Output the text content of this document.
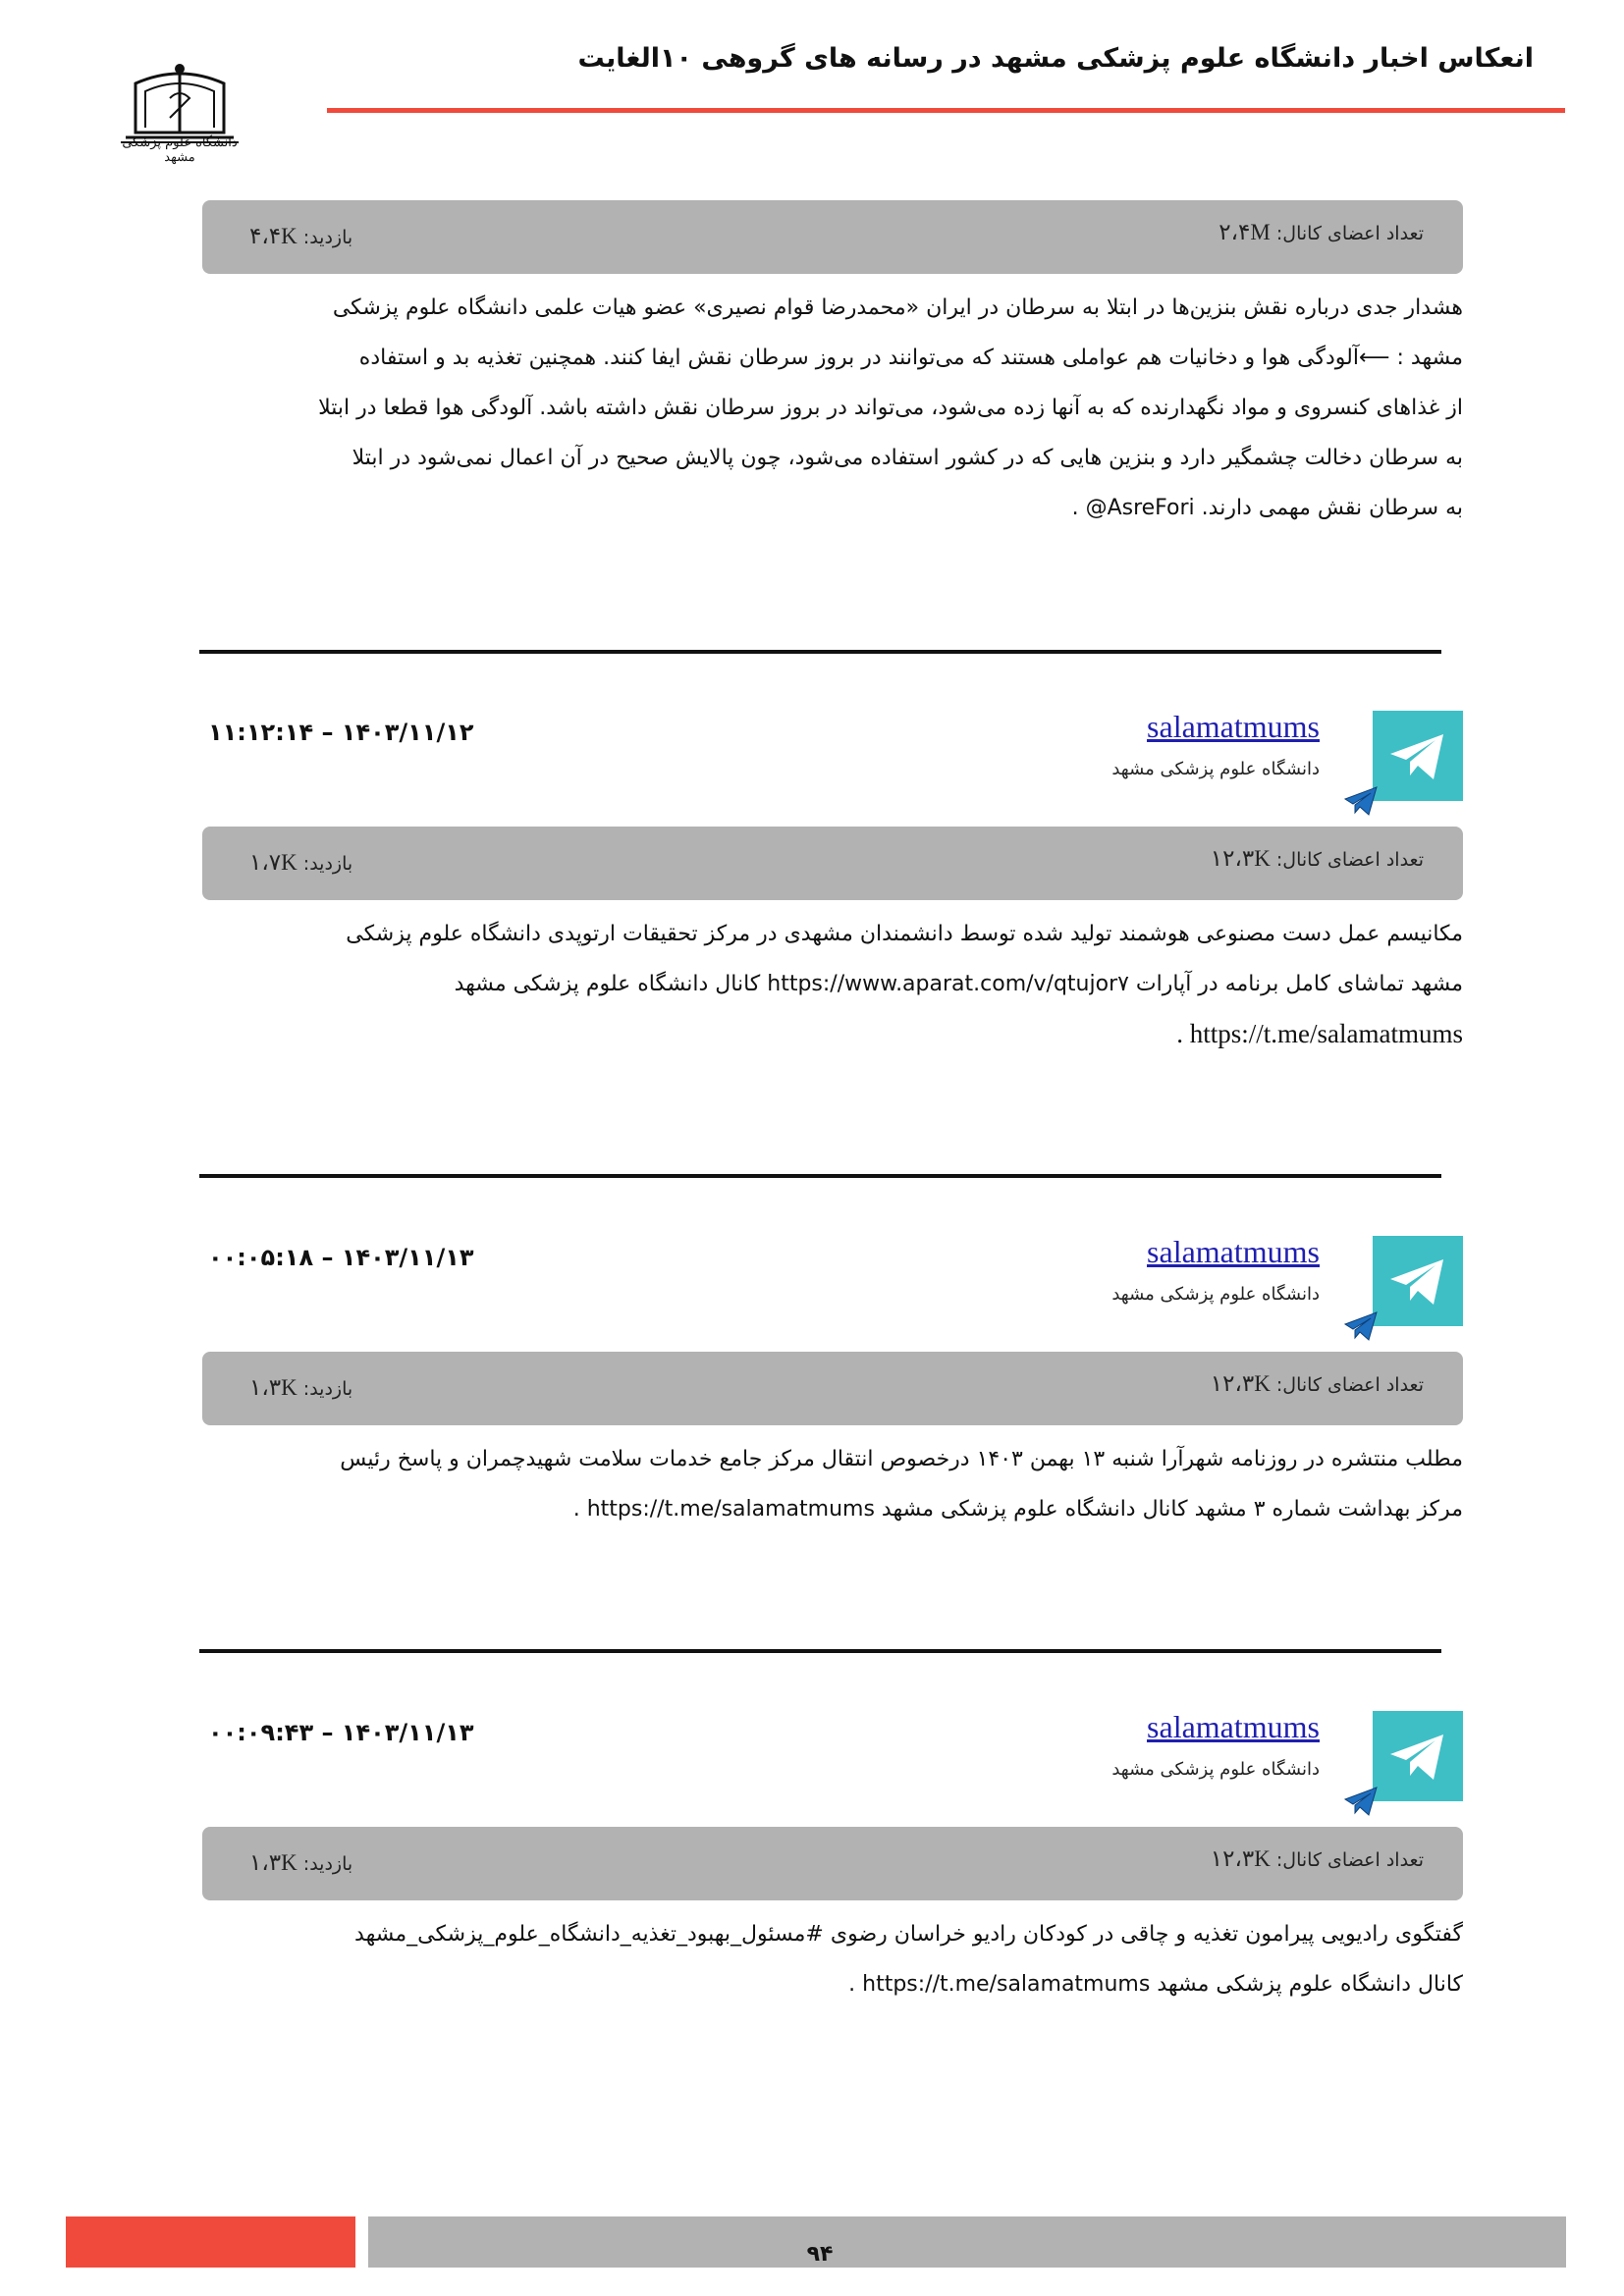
انعکاس اخبار دانشگاه علوم پزشکی مشهد در رسانه های گروهی ۱۰الغایت
دانشگاه علوم پزشکی مشهد
تعداد اعضای کانال: ۲،۴M
بازدید: ۴،۴K
هشدار جدی درباره نقش بنزین‌ها در ابتلا به سرطان در ایران «محمدرضا قوام نصیری» عضو هیات علمی دانشگاه علوم پزشکی
مشهد : ⟵آلودگی هوا و دخانیات هم عواملی هستند که می‌توانند در بروز سرطان نقش ایفا کنند. همچنین تغذیه بد و استفاده
از غذاهای کنسروی و مواد نگهدارنده که به آنها زده می‌شود، می‌تواند در بروز سرطان نقش داشته باشد. آلودگی هوا قطعا در ابتلا
به سرطان دخالت چشمگیر دارد و بنزین هایی که در کشور استفاده می‌شود، چون پالایش صحیح در آن اعمال نمی‌شود در ابتلا
به سرطان نقش مهمی دارند. AsreFori@ .
salamatmums
دانشگاه علوم پزشکی مشهد
۱۱:۱۲:۱۴ – ۱۴۰۳/۱۱/۱۲
تعداد اعضای کانال: ۱۲،۳K
بازدید: ۱،۷K
مکانیسم عمل دست مصنوعی هوشمند تولید شده توسط دانشمندان مشهدی در مرکز تحقیقات ارتوپدی دانشگاه علوم پزشکی
مشهد تماشای کامل برنامه در آپارات https://www.aparat.com/v/qtujor۷ کانال دانشگاه علوم پزشکی مشهد
https://t.me/salamatmums .
salamatmums
دانشگاه علوم پزشکی مشهد
۰۰:۰۵:۱۸ – ۱۴۰۳/۱۱/۱۳
تعداد اعضای کانال: ۱۲،۳K
بازدید: ۱،۳K
مطلب منتشره در روزنامه شهرآرا شنبه ۱۳ بهمن ۱۴۰۳ درخصوص انتقال مرکز جامع خدمات سلامت شهیدچمران و پاسخ رئیس
مرکز بهداشت شماره ۳ مشهد کانال دانشگاه علوم پزشکی مشهد https://t.me/salamatmums .
salamatmums
دانشگاه علوم پزشکی مشهد
۰۰:۰۹:۴۳ – ۱۴۰۳/۱۱/۱۳
تعداد اعضای کانال: ۱۲،۳K
بازدید: ۱،۳K
گفتگوی رادیویی پیرامون تغذیه و چاقی در کودکان رادیو خراسان رضوی #مسئول_بهبود_تغذیه_دانشگاه_علوم_پزشکی_مشهد
کانال دانشگاه علوم پزشکی مشهد https://t.me/salamatmums .
۹۴
